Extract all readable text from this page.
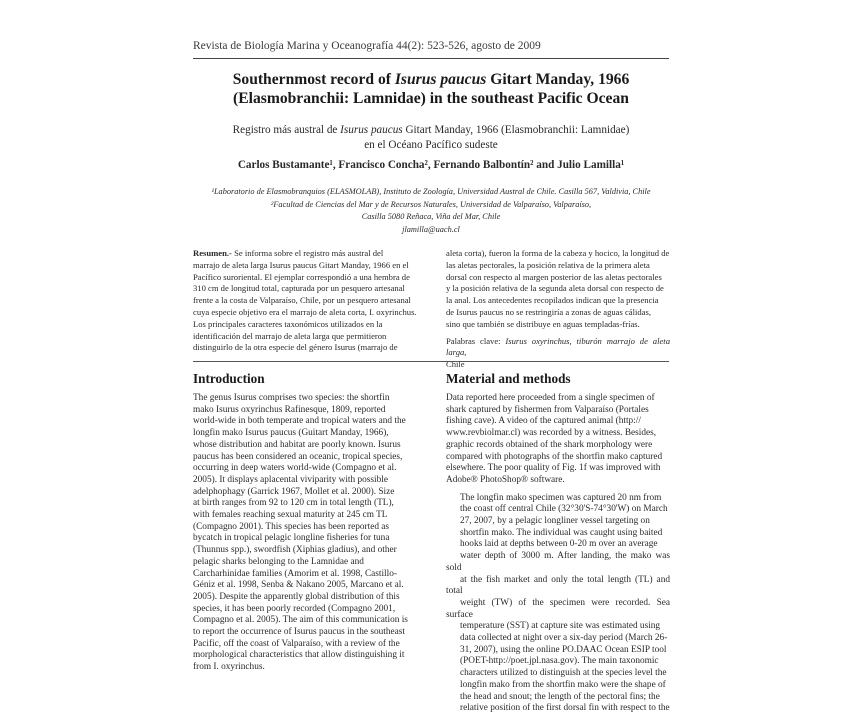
Revista de Biología Marina y Oceanografía 44(2): 523-526, agosto de 2009
Southernmost record of Isurus paucus Gitart Manday, 1966
(Elasmobranchii: Lamnidae) in the southeast Pacific Ocean
Registro más austral de Isurus paucus Gitart Manday, 1966 (Elasmobranchii: Lamnidae)
en el Océano Pacífico sudeste
Carlos Bustamante¹, Francisco Concha², Fernando Balbontín² and Julio Lamilla¹
¹Laboratorio de Elasmobranquios (ELASMOLAB), Instituto de Zoología, Universidad Austral de Chile. Casilla 567, Valdivia, Chile
²Facultad de Ciencias del Mar y de Recursos Naturales, Universidad de Valparaíso, Valparaíso,
Casilla 5080 Reñaca, Viña del Mar, Chile
jlamilla@uach.cl
Resumen.- Se informa sobre el registro más austral del
marrajo de aleta larga Isurus paucus Gitart Manday, 1966 en el
Pacífico suroriental. El ejemplar correspondió a una hembra de
310 cm de longitud total, capturada por un pesquero artesanal
frente a la costa de Valparaíso, Chile, por un pesquero artesanal
cuya especie objetivo era el marrajo de aleta corta, I. oxyrinchus.
Los principales caracteres taxonómicos utilizados en la
identificación del marrajo de aleta larga que permitieron
distinguirlo de la otra especie del género Isurus (marrajo de
aleta corta), fueron la forma de la cabeza y hocico, la longitud de
las aletas pectorales, la posición relativa de la primera aleta
dorsal con respecto al margen posterior de las aletas pectorales
y la posición relativa de la segunda aleta dorsal con respecto de
la anal. Los antecedentes recopilados indican que la presencia
de Isurus paucus no se restringiría a zonas de aguas cálidas,
sino que también se distribuye en aguas templadas-frías.
Palabras clave: Isurus oxyrinchus, tiburón marrajo de aleta larga,
Chile
Introduction	Material and methods

The genus Isurus comprises two species: the shortfin
mako Isurus oxyrinchus Rafinesque, 1809, reported
world-wide in both temperate and tropical waters and the
longfin mako Isurus paucus (Guitart Manday, 1966),
whose distribution and habitat are poorly known. Isurus
paucus has been considered an oceanic, tropical species,
occurring in deep waters world-wide (Compagno et al.
2005). It displays aplacental viviparity with possible
adelphophagy (Garrick 1967, Mollet et al. 2000). Size
at birth ranges from 92 to 120 cm in total length (TL),
with females reaching sexual maturity at 245 cm TL
(Compagno 2001). This species has been reported as
bycatch in tropical pelagic longline fisheries for tuna
(Thunnus spp.), swordfish (Xiphias gladius), and other
pelagic sharks belonging to the Lamnidae and
Carcharhinidae families (Amorim et al. 1998, Castillo-
Géniz et al. 1998, Senba & Nakano 2005, Marcano et al.
2005). Despite the apparently global distribution of this
species, it has been poorly recorded (Compagno 2001,
Compagno et al. 2005). The aim of this communication is
to report the occurrence of Isurus paucus in the southeast
Pacific, off the coast of Valparaíso, with a review of the
morphological characteristics that allow distinguishing it
from I. oxyrinchus.

Data reported here proceeded from a single specimen of
shark captured by fishermen from Valparaíso (Portales
fishing cave). A video of the captured animal (http://
www.revbiolmar.cl) was recorded by a witness. Besides,
graphic records obtained of the shark morphology were
compared with photographs of the shortfin mako captured
elsewhere. The poor quality of Fig. 1f was improved with
Adobe® PhotoShop® software.

The longfin mako specimen was captured 20 nm from
the coast off central Chile (32°30'S-74°30'W) on March
27, 2007, by a pelagic longliner vessel targeting on
shortfin mako. The individual was caught using baited
hooks laid at depths between 0-20 m over an average
water depth of 3000 m. After landing, the mako was sold
at the fish market and only the total length (TL) and total
weight (TW) of the specimen were recorded. Sea surface
temperature (SST) at capture site was estimated using
data collected at night over a six-day period (March 26-
31, 2007), using the online PO.DAAC Ocean ESIP tool
(POET-http://poet.jpl.nasa.gov). The main taxonomic
characters utilized to distinguish at the species level the
longfin mako from the shortfin mako were the shape of
the head and snout; the length of the pectoral fins; the
relative position of the first dorsal fin with respect to the
